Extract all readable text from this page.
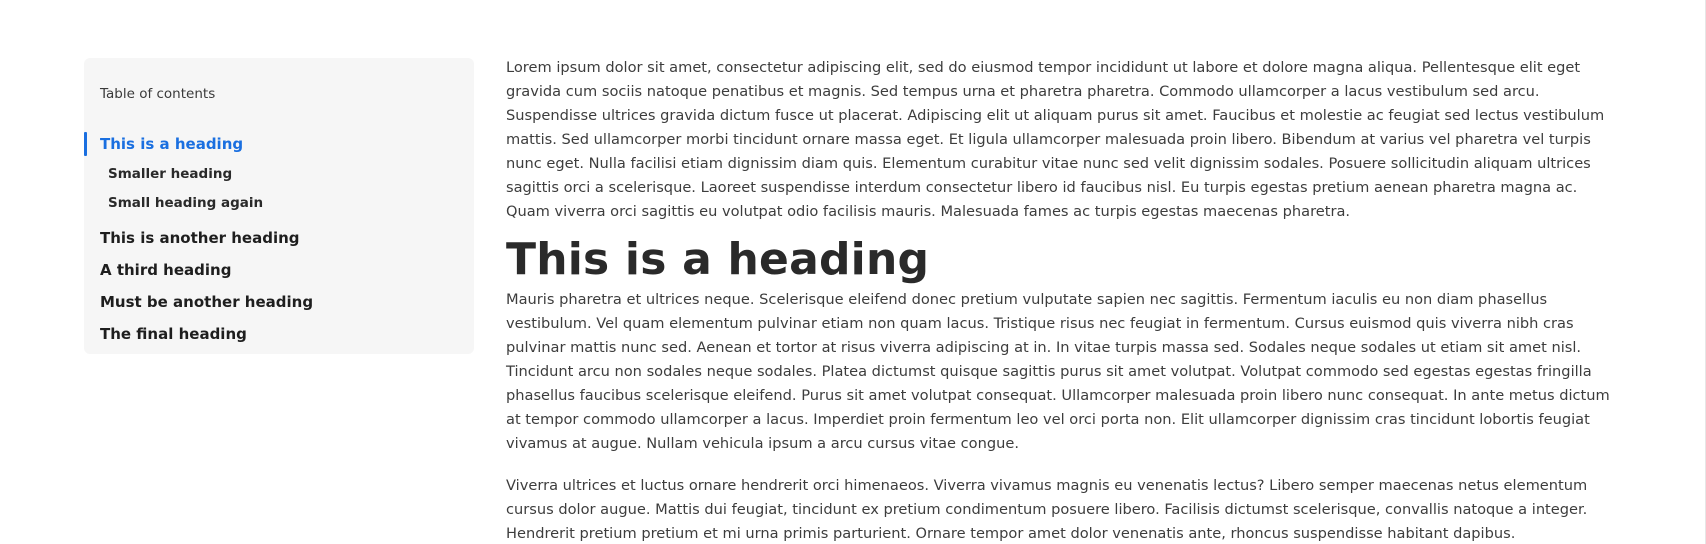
Table of contents
This is a heading
Smaller heading
Small heading again
This is another heading
A third heading
Must be another heading
The final heading

Lorem ipsum dolor sit amet, consectetur adipiscing elit, sed do eiusmod tempor incididunt ut labore et dolore magna aliqua. Pellentesque elit eget gravida cum sociis natoque penatibus et magnis. Sed tempus urna et pharetra pharetra. Commodo ullamcorper a lacus vestibulum sed arcu. Suspendisse ultrices gravida dictum fusce ut placerat. Adipiscing elit ut aliquam purus sit amet. Faucibus et molestie ac feugiat sed lectus vestibulum mattis. Sed ullamcorper morbi tincidunt ornare massa eget. Et ligula ullamcorper malesuada proin libero. Bibendum at varius vel pharetra vel turpis nunc eget. Nulla facilisi etiam dignissim diam quis. Elementum curabitur vitae nunc sed velit dignissim sodales. Posuere sollicitudin aliquam ultrices sagittis orci a scelerisque. Laoreet suspendisse interdum consectetur libero id faucibus nisl. Eu turpis egestas pretium aenean pharetra magna ac. Quam viverra orci sagittis eu volutpat odio facilisis mauris. Malesuada fames ac turpis egestas maecenas pharetra.

This is a heading

Mauris pharetra et ultrices neque. Scelerisque eleifend donec pretium vulputate sapien nec sagittis. Fermentum iaculis eu non diam phasellus vestibulum. Vel quam elementum pulvinar etiam non quam lacus. Tristique risus nec feugiat in fermentum. Cursus euismod quis viverra nibh cras pulvinar mattis nunc sed. Aenean et tortor at risus viverra adipiscing at in. In vitae turpis massa sed. Sodales neque sodales ut etiam sit amet nisl. Tincidunt arcu non sodales neque sodales. Platea dictumst quisque sagittis purus sit amet volutpat. Volutpat commodo sed egestas egestas fringilla phasellus faucibus scelerisque eleifend. Purus sit amet volutpat consequat. Ullamcorper malesuada proin libero nunc consequat. In ante metus dictum at tempor commodo ullamcorper a lacus. Imperdiet proin fermentum leo vel orci porta non. Elit ullamcorper dignissim cras tincidunt lobortis feugiat vivamus at augue. Nullam vehicula ipsum a arcu cursus vitae congue.

Viverra ultrices et luctus ornare hendrerit orci himenaeos. Viverra vivamus magnis eu venenatis lectus? Libero semper maecenas netus elementum cursus dolor augue. Mattis dui feugiat, tincidunt ex pretium condimentum posuere libero. Facilisis dictumst scelerisque, convallis natoque a integer. Hendrerit pretium pretium et mi urna primis parturient. Ornare tempor amet dolor venenatis ante, rhoncus suspendisse habitant dapibus.
